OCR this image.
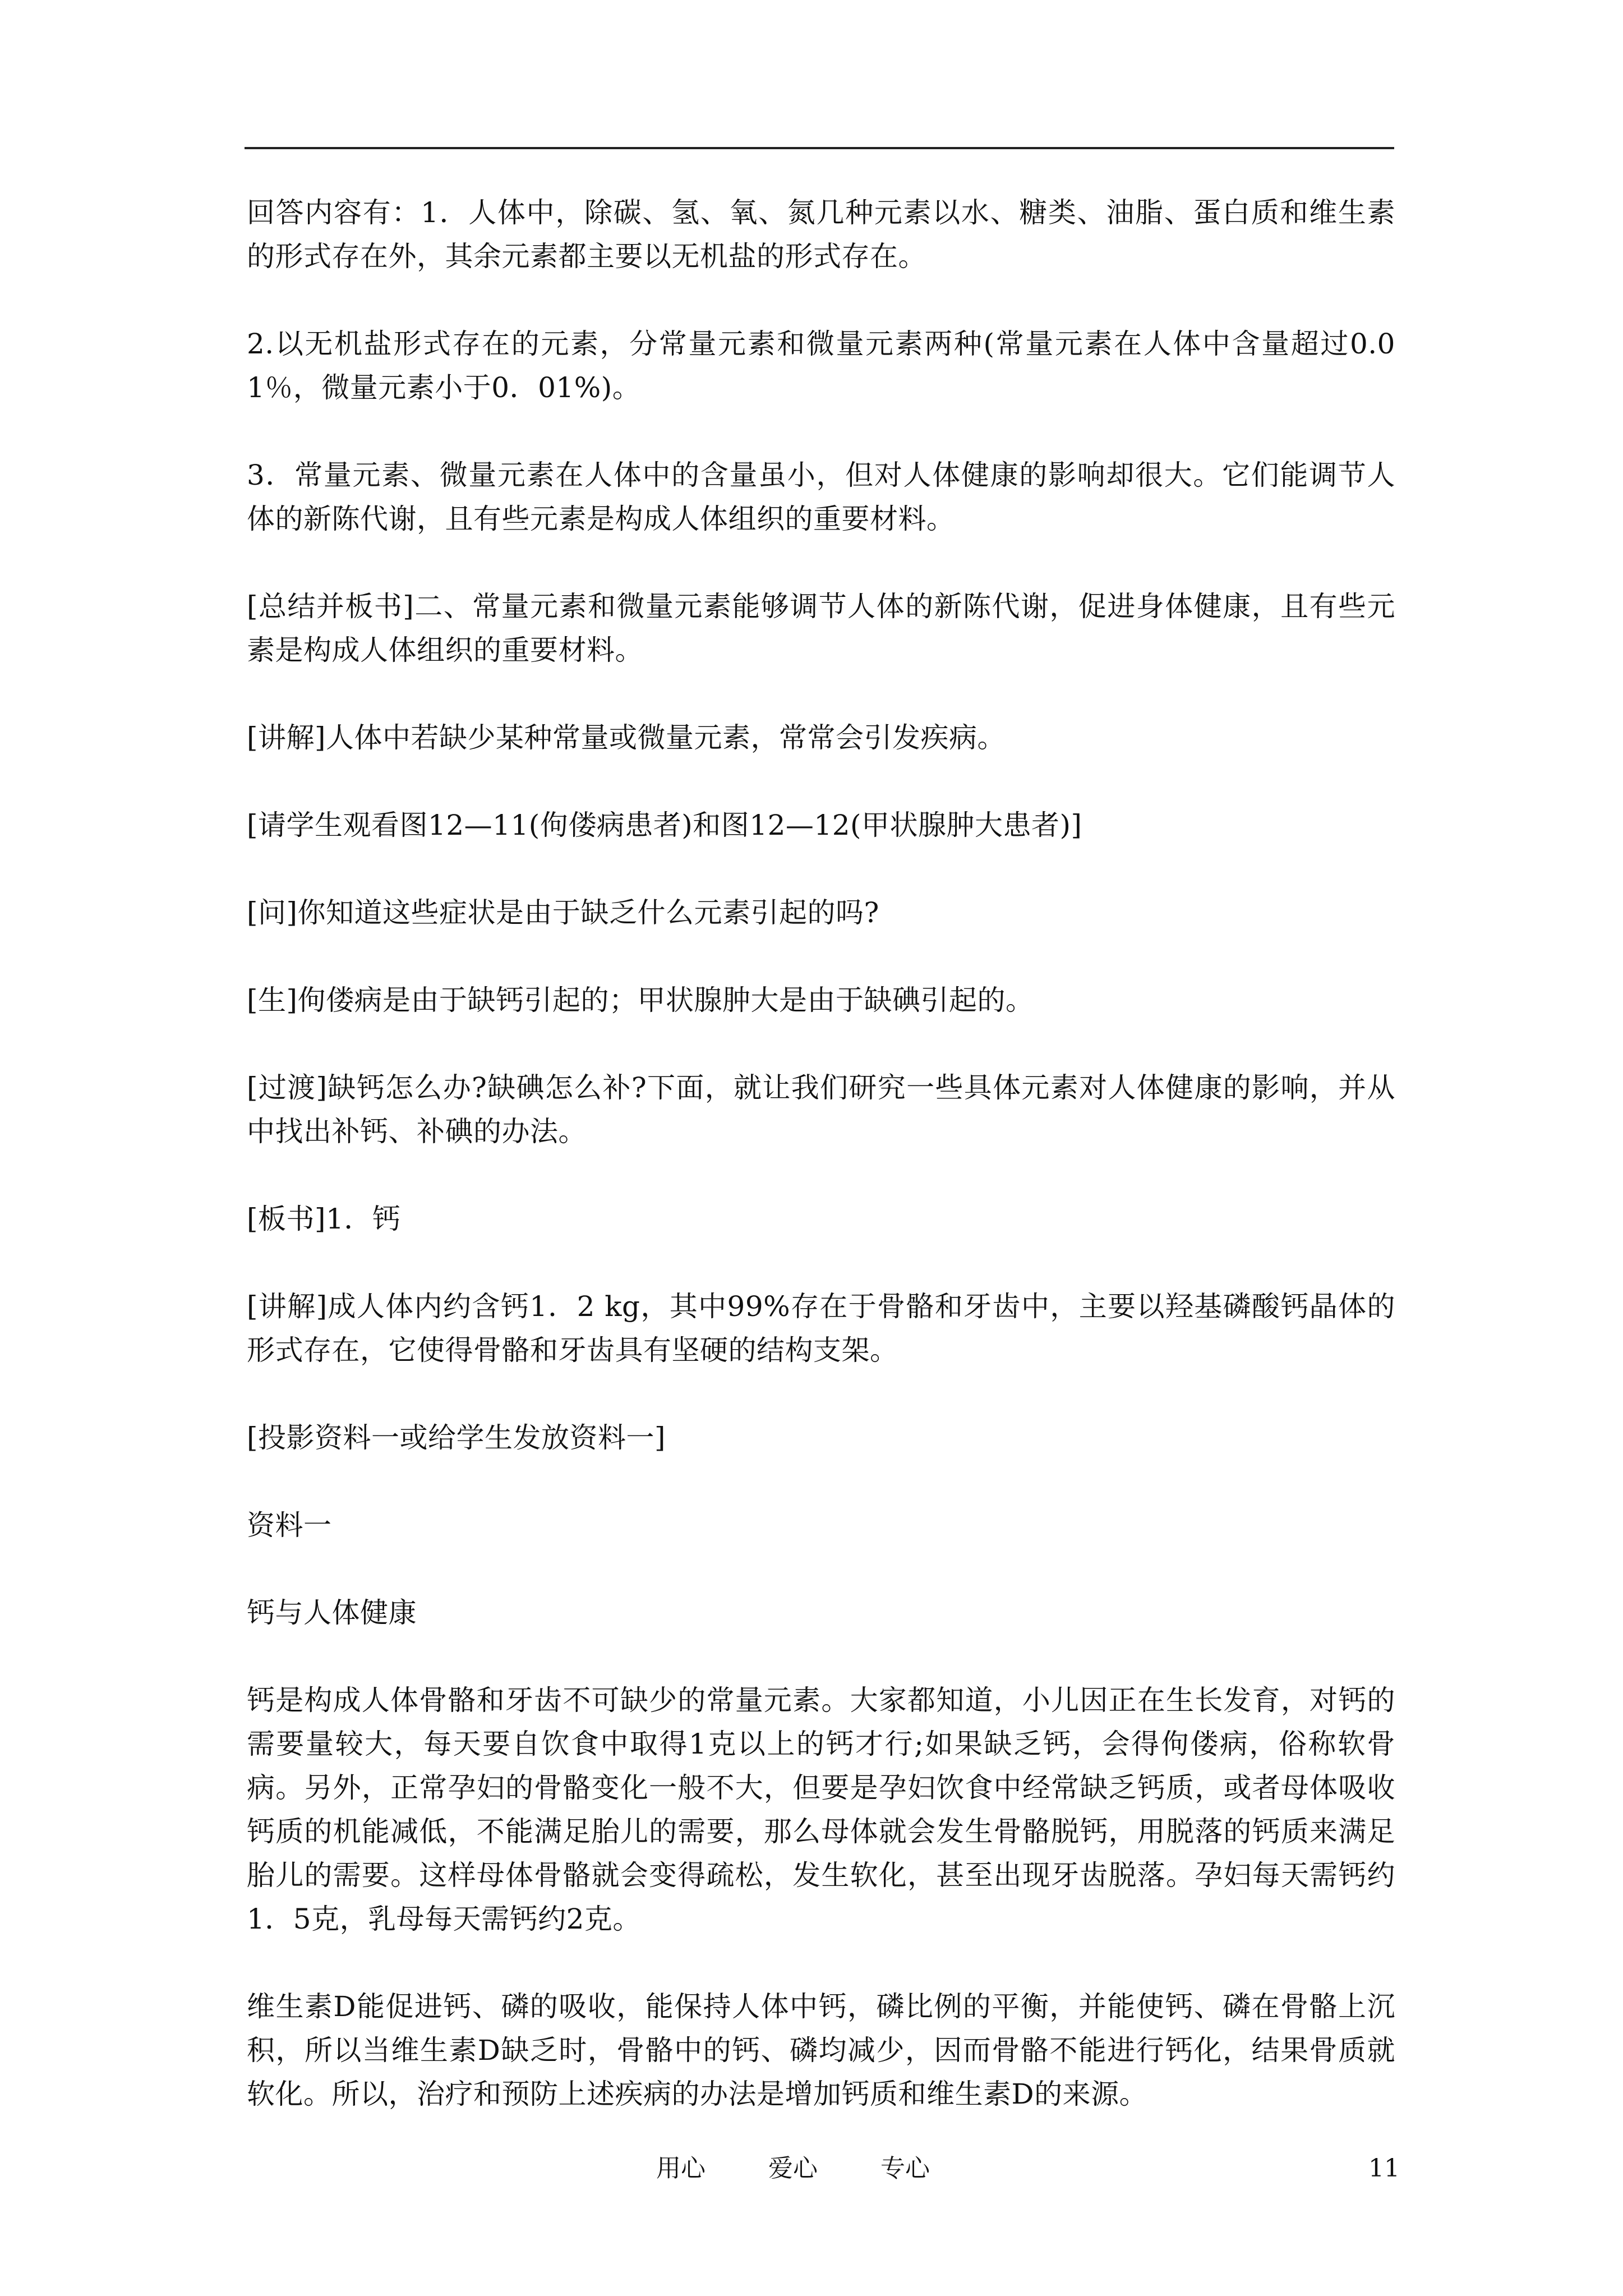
回答内容有：1．人体中，除碳、氢、氧、氮几种元素以水、糖类、油脂、蛋白质和维生素的形式存在外，其余元素都主要以无机盐的形式存在。

2.以无机盐形式存在的元素，分常量元素和微量元素两种(常量元素在人体中含量超过0.01％，微量元素小于0．01%)。

3．常量元素、微量元素在人体中的含量虽小，但对人体健康的影响却很大。它们能调节人体的新陈代谢，且有些元素是构成人体组织的重要材料。

[总结并板书]二、常量元素和微量元素能够调节人体的新陈代谢，促进身体健康，且有些元素是构成人体组织的重要材料。

[讲解]人体中若缺少某种常量或微量元素，常常会引发疾病。

[请学生观看图12—11(佝偻病患者)和图12—12(甲状腺肿大患者)]

[问]你知道这些症状是由于缺乏什么元素引起的吗?

[生]佝偻病是由于缺钙引起的；甲状腺肿大是由于缺碘引起的。

[过渡]缺钙怎么办?缺碘怎么补?下面，就让我们研究一些具体元素对人体健康的影响，并从中找出补钙、补碘的办法。

[板书]1．钙

[讲解]成人体内约含钙1．2 kg，其中99%存在于骨骼和牙齿中，主要以羟基磷酸钙晶体的形式存在，它使得骨骼和牙齿具有坚硬的结构支架。

[投影资料一或给学生发放资料一]

资料一

钙与人体健康

钙是构成人体骨骼和牙齿不可缺少的常量元素。大家都知道，小儿因正在生长发育，对钙的需要量较大，每天要自饮食中取得1克以上的钙才行;如果缺乏钙，会得佝偻病，俗称软骨病。另外，正常孕妇的骨骼变化一般不大，但要是孕妇饮食中经常缺乏钙质，或者母体吸收钙质的机能减低，不能满足胎儿的需要，那么母体就会发生骨骼脱钙，用脱落的钙质来满足胎儿的需要。这样母体骨骼就会变得疏松，发生软化，甚至出现牙齿脱落。孕妇每天需钙约1．5克，乳母每天需钙约2克。

维生素D能促进钙、磷的吸收，能保持人体中钙，磷比例的平衡，并能使钙、磷在骨骼上沉积，所以当维生素D缺乏时，骨骼中的钙、磷均减少，因而骨骼不能进行钙化，结果骨质就软化。所以，治疗和预防上述疾病的办法是增加钙质和维生素D的来源。

用心	爱心	专心	11
